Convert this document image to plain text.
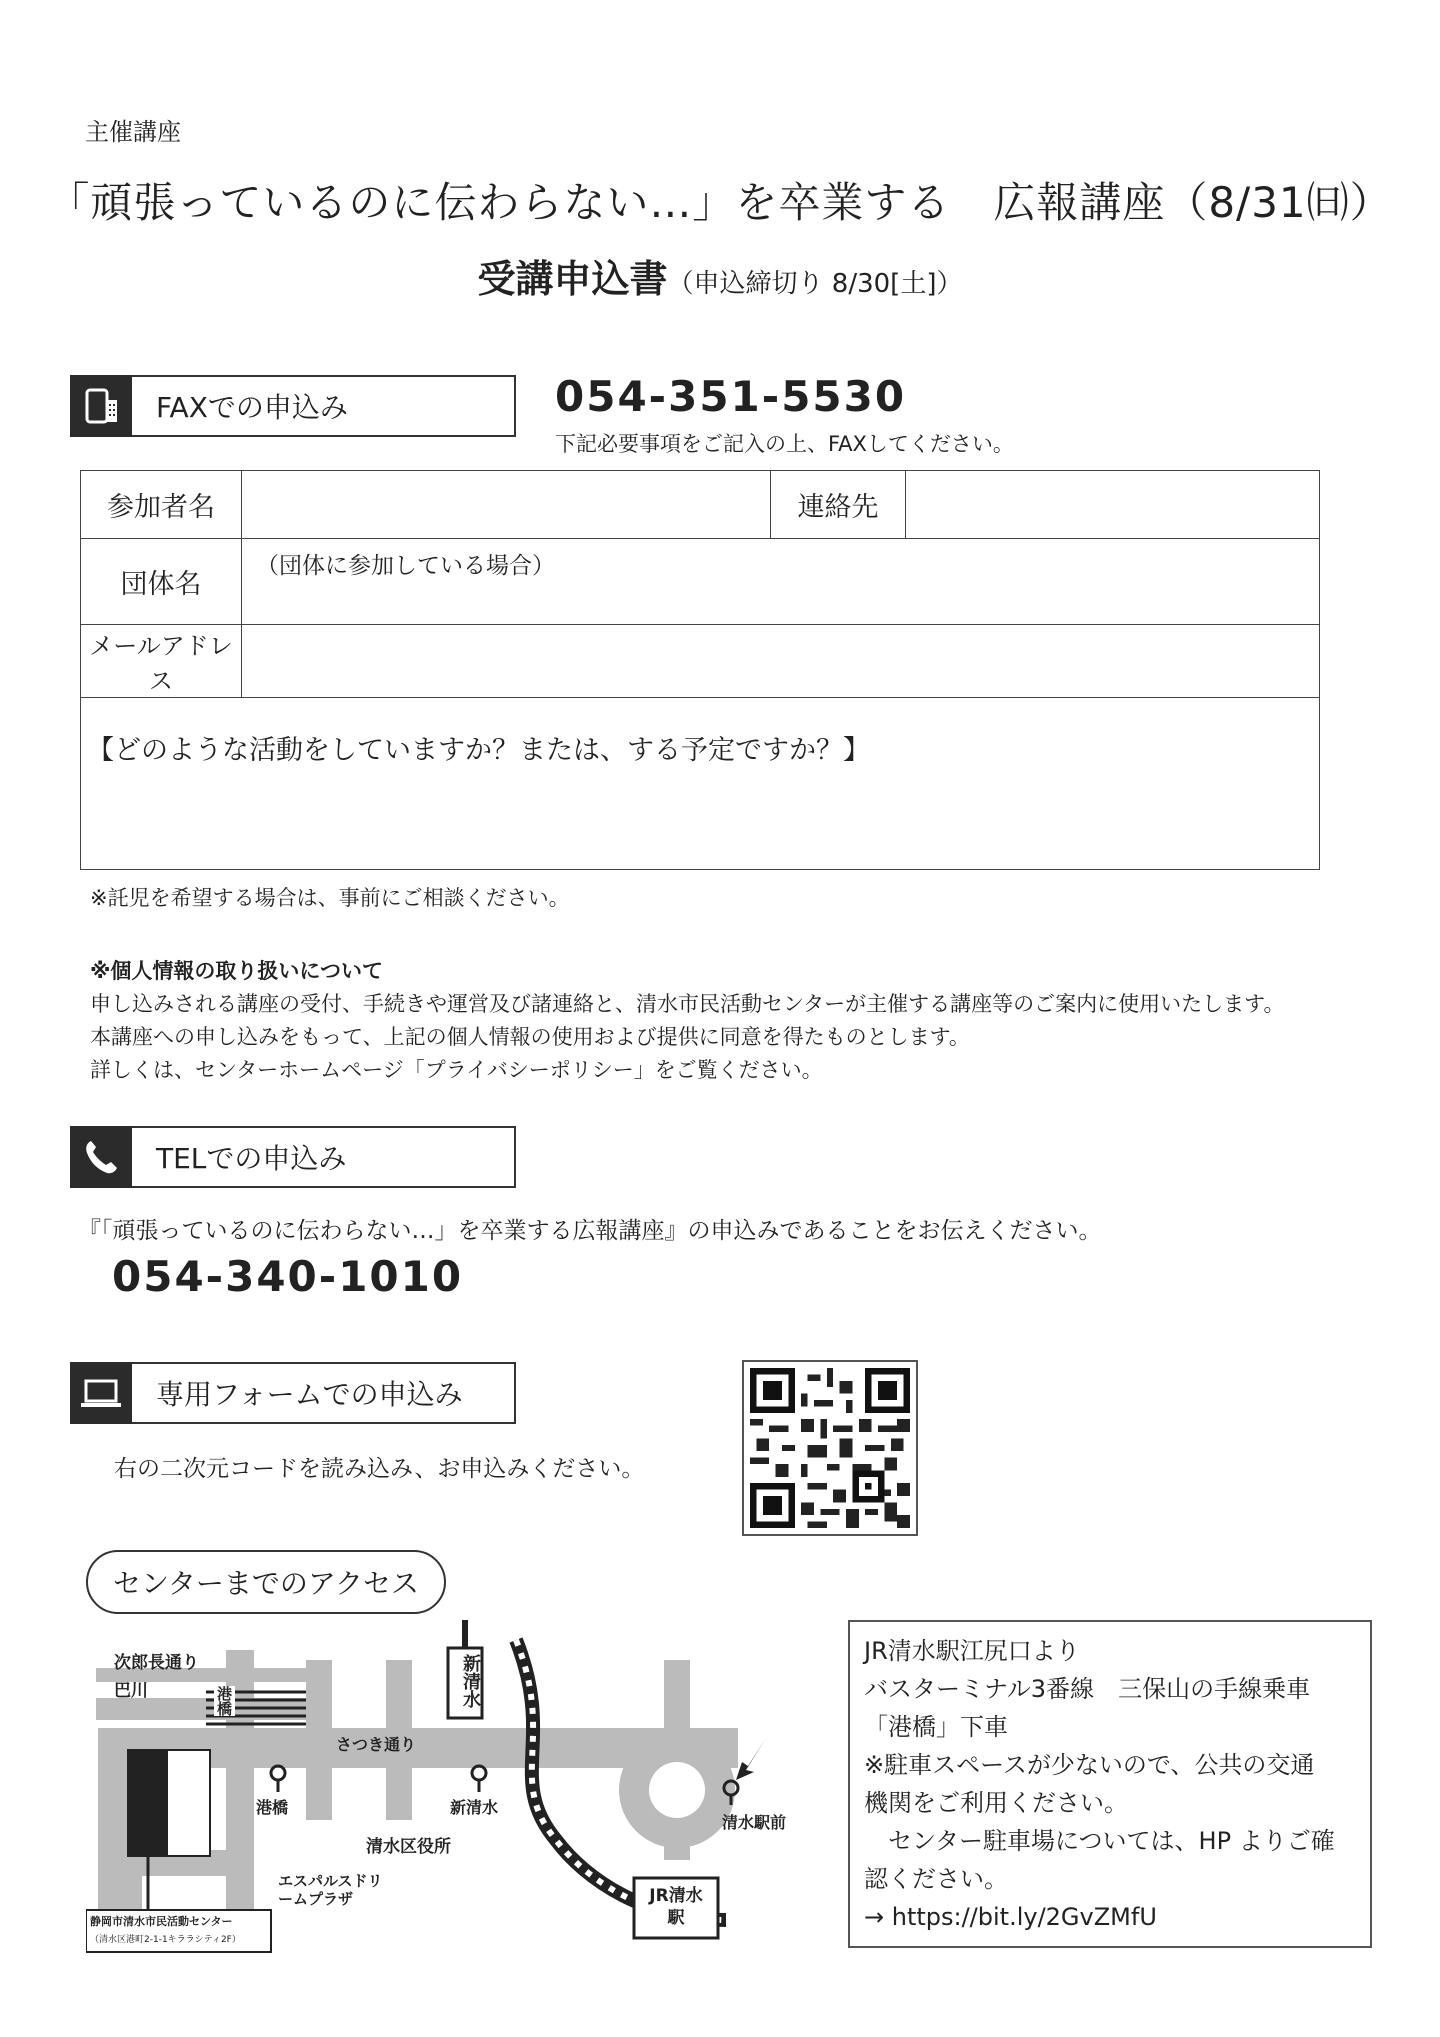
主催講座
「頑張っているのに伝わらない…」を卒業する　広報講座（8/31㈰）
受講申込書（申込締切り 8/30[土]）
FAXでの申込み	054-351-5530
下記必要事項をご記入の上、FAXしてください。
参加者名		連絡先	
団体名	（団体に参加している場合）		

メールアドレス			
【どのような活動をしていますか？または、する予定ですか？】			
※託児を希望する場合は、事前にご相談ください。
※個人情報の取り扱いについて
申し込みされる講座の受付、手続きや運営及び諸連絡と、清水市民活動センターが主催する講座等のご案内に使用いたします。
本講座への申し込みをもって、上記の個人情報の使用および提供に同意を得たものとします。
詳しくは、センターホームページ「プライバシーポリシー」をご覧ください。
TELでの申込み
『「頑張っているのに伝わらない…」を卒業する広報講座』の申込みであることをお伝えください。
054-340-1010
専用フォームでの申込み
右の二次元コードを読み込み、お申込みください。
センターまでのアクセス
次郎長通り
巴川	港橋
さつき通り
港橋
新清水
新清水
清水区役所
エスパルスドリームプラザ	JR清水駅
清水駅前
静岡市清水市民活動センター
（清水区港町2-1-1キララシティ2F）
JR清水駅江尻口より
バスターミナル3番線　三保山の手線乗車
「港橋」下車
※駐車スペースが少ないので、公共の交通
機関をご利用ください。
　センター駐車場については、HP よりご確
認ください。
→ https://bit.ly/2GvZMfU
